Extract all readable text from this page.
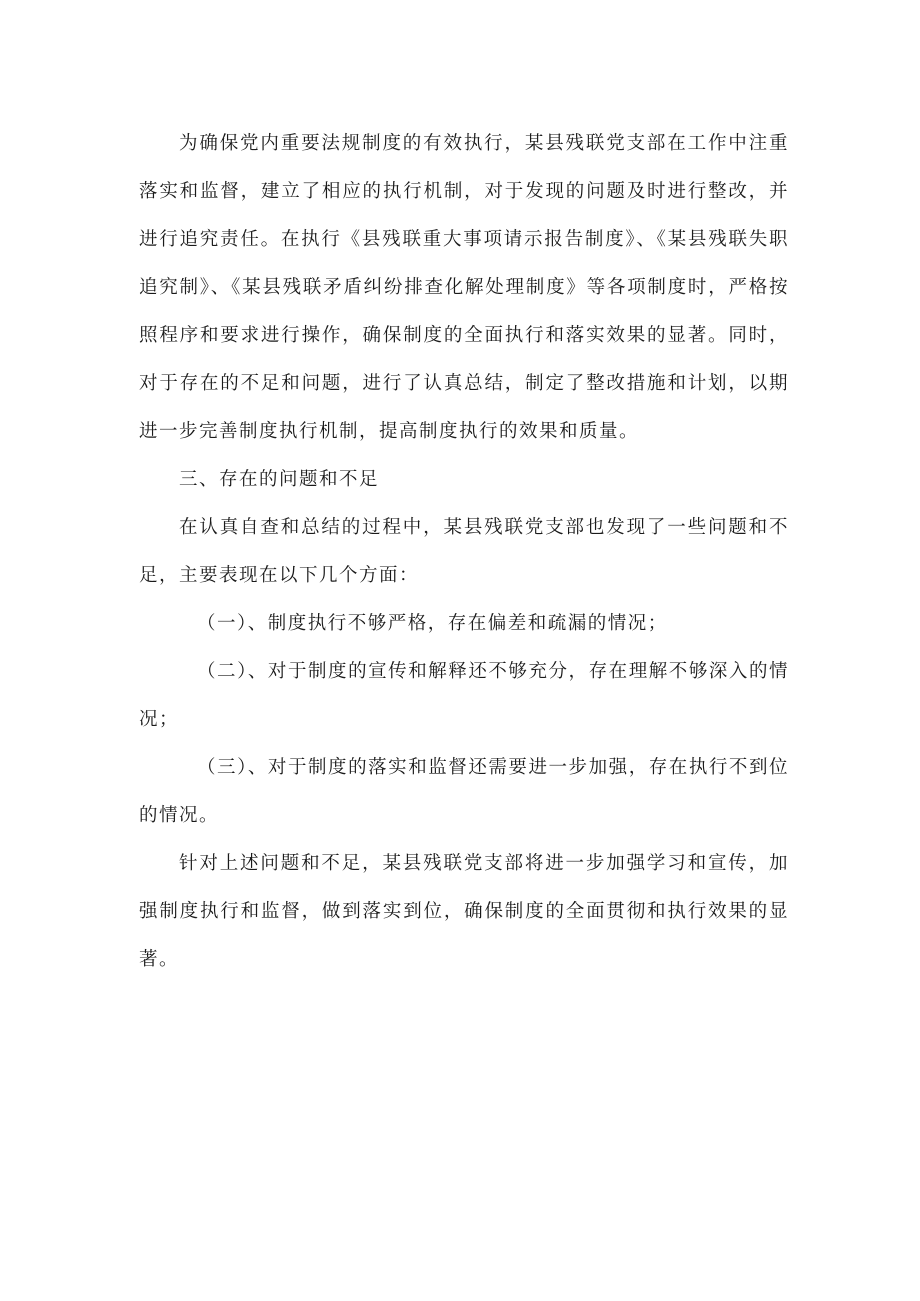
为确保党内重要法规制度的有效执行，某县残联党支部在工作中注重落实和监督，建立了相应的执行机制，对于发现的问题及时进行整改，并进行追究责任。在执行《县残联重大事项请示报告制度》、《某县残联失职追究制》、《某县残联矛盾纠纷排查化解处理制度》等各项制度时，严格按照程序和要求进行操作，确保制度的全面执行和落实效果的显著。同时，对于存在的不足和问题，进行了认真总结，制定了整改措施和计划，以期进一步完善制度执行机制，提高制度执行的效果和质量。

三、存在的问题和不足

在认真自查和总结的过程中，某县残联党支部也发现了一些问题和不足，主要表现在以下几个方面：

（一）、制度执行不够严格，存在偏差和疏漏的情况；

（二）、对于制度的宣传和解释还不够充分，存在理解不够深入的情况；

（三）、对于制度的落实和监督还需要进一步加强，存在执行不到位的情况。

针对上述问题和不足，某县残联党支部将进一步加强学习和宣传，加强制度执行和监督，做到落实到位，确保制度的全面贯彻和执行效果的显著。
